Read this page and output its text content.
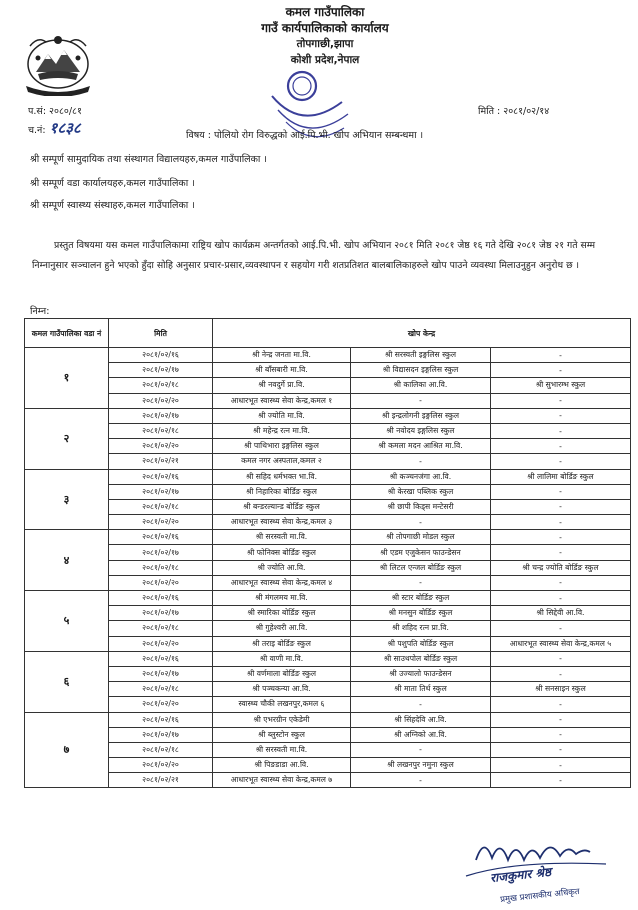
कमल गाउँपालिका
गाउँ कार्यपालिकाको कार्यालय
तोपगाछी,झापा
कोशी प्रदेश,नेपाल
प.सं: २०८०/८१
च.नं: १८३८
मिति : २०८१/०२/१४
विषय : पोलियो रोग विरुद्धको आई.पि.भी. खोप अभियान सम्बन्धमा ।
श्री सम्पूर्ण सामुदायिक तथा संस्थागत विद्यालयहरु,कमल गाउँपालिका ।
श्री सम्पूर्ण वडा कार्यालयहरु,कमल गाउँपालिका ।
श्री सम्पूर्ण स्वास्थ्य संस्थाहरु,कमल गाउँपालिका ।
प्रस्तुत विषयमा यस कमल गाउँपालिकामा राष्ट्रिय खोप कार्यक्रम अन्तर्गतको आई.पि.भी. खोप अभियान २०८१ मिति २०८१ जेष्ठ १६ गते देखि २०८१ जेष्ठ २१ गते सम्म निम्नानुसार सञ्चालन हुने भएको हुँदा सोहि अनुसार प्रचार-प्रसार,व्यवस्थापन र सहयोग गरी शतप्रतिशत बालबालिकाहरुले खोप पाउने व्यवस्था मिलाउनुहुन अनुरोध छ ।
निम्न:
कमल गाउँपालिका वडा नं	मिति	खोप केन्द्र		
१	२०८१/०२/१६	श्री नेन्द्र जनता मा.वि.	श्री सरस्वती इङ्गलिस स्कुल	-
	२०८१/०२/१७	श्री बाँसबारी मा.वि.	श्री विद्यासदन इङ्गलिस स्कुल	-
	२०८१/०२/१८	श्री नवदुर्गे प्रा.वि.	श्री कालिका आ.वि.	श्री सुभारम्भ स्कुल
	२०८१/०२/२०	आधारभूत स्वास्थ्य सेवा केन्द्र,कमल १	-	-
२	२०८१/०२/१७	श्री ज्योति मा.वि.	श्री इन्द्रलोगनी इङ्गलिस स्कुल	-
	२०८१/०२/१८	श्री महेन्द्र रत्न मा.वि.	श्री नवोदय इङ्गलिस स्कुल	-
	२०८१/०२/२०	श्री पाथिभारा इङ्गलिस स्कुल	श्री कमला मदन आश्रित मा.वि.	-
	२०८१/०२/२१	कमल नगर अस्पताल,कमल २	-	-
३	२०८१/०२/१६	श्री सहिद धर्मभक्त भा.वि.	श्री कञ्चनजंगा आ.वि.	श्री लालिमा बोर्डिङ स्कुल
	२०८१/०२/१७	श्री निहारिका बोर्डिङ स्कुल	श्री केरखा पब्लिक स्कुल	-
	२०८१/०२/१८	श्री बन्डरल्यान्ड बोर्डिङ स्कुल	श्री छापी किड्स मन्टेसरी	-
	२०८१/०२/२०	आधारभूत स्वास्थ्य सेवा केन्द्र,कमल ३	-	-
४	२०८१/०२/१६	श्री सरस्वती मा.वि.	श्री तोपगाछी मोडल स्कुल	-
	२०८१/०२/१७	श्री फोनिक्स बोर्डिङ स्कुल	श्री एडम एजुकेसन फाउन्डेसन	-
	२०८१/०२/१८	श्री ज्योति आ.वि.	श्री लिटल एन्जल बोर्डिङ स्कुल	श्री चन्द्र ज्योति बोर्डिङ स्कुल
	२०८१/०२/२०	आधारभूत स्वास्थ्य सेवा केन्द्र,कमल ४	-	-
५	२०८१/०२/१६	श्री मंगलमय मा.वि.	श्री स्टार बोर्डिङ स्कुल	-
	२०८१/०२/१७	श्री स्मारिका बोर्डिङ स्कुल	श्री मनसुन बोर्डिङ स्कुल	श्री सिद्देवी आ.वि.
	२०८१/०२/१८	श्री गुहेश्वरी आ.वि.	श्री शहिद रत्न प्रा.वि.	-
	२०८१/०२/२०	श्री तराइ बोर्डिङ स्कुल	श्री पशुपति बोर्डिङ स्कुल	आधारभूत स्वास्थ्य सेवा केन्द्र,कमल ५
६	२०८१/०२/१६	श्री वाणी मा.वि.	श्री साउथपोल बोर्डिङ स्कुल	-
	२०८१/०२/१७	श्री वर्णमाला बोर्डिङ स्कुल	श्री उज्यालो फाउन्डेसन	-
	२०८१/०२/१८	श्री पञ्चकन्या आ.वि.	श्री माता तिर्थ स्कुल	श्री सनसाइन स्कुल
	२०८१/०२/२०	स्वास्थ्य चौकी लखनपुर,कमल ६	-	-
७	२०८१/०२/१६	श्री एभरग्रीन एकेडेमी	श्री सिंहदेवि आ.वि.	-
	२०८१/०२/१७	श्री ब्लुस्टोन स्कुल	श्री अग्निको आ.वि.	-
	२०८१/०२/१८	श्री सरस्वती मा.वि.	-	-
	२०८१/०२/२०	श्री पिङडाडा आ.वि.	श्री लखनपुर नमुना स्कुल	-
	२०८१/०२/२१	आधारभूत स्वास्थ्य सेवा केन्द्र,कमल ७	-	-
राजकुमार श्रेष्ठ
प्रमुख प्रशासकीय अधिकृत
